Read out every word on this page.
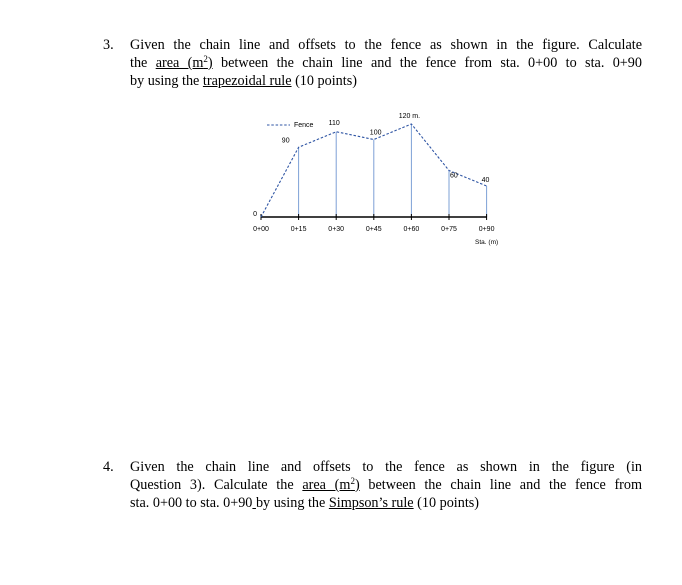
3. Given the chain line and offsets to the fence as shown in the figure. Calculate
the area $(m^2)$ between the chain line and the fence from sta. 0+00 to sta. 0+90
by using the trapezoidal rule (10 points)
Fence
0
90
110
100
120 m.
60
40
0+00	0+15	0+30	0+45	0+60	0+75	0+90
Sta. (m)
4. Given the chain line and offsets to the fence as shown in the figure (in
Question 3). Calculate the area $(m^2)$ between the chain line and the fence from
sta. 0+00 to sta. 0+90 by using the Simpson’s rule (10 points)
